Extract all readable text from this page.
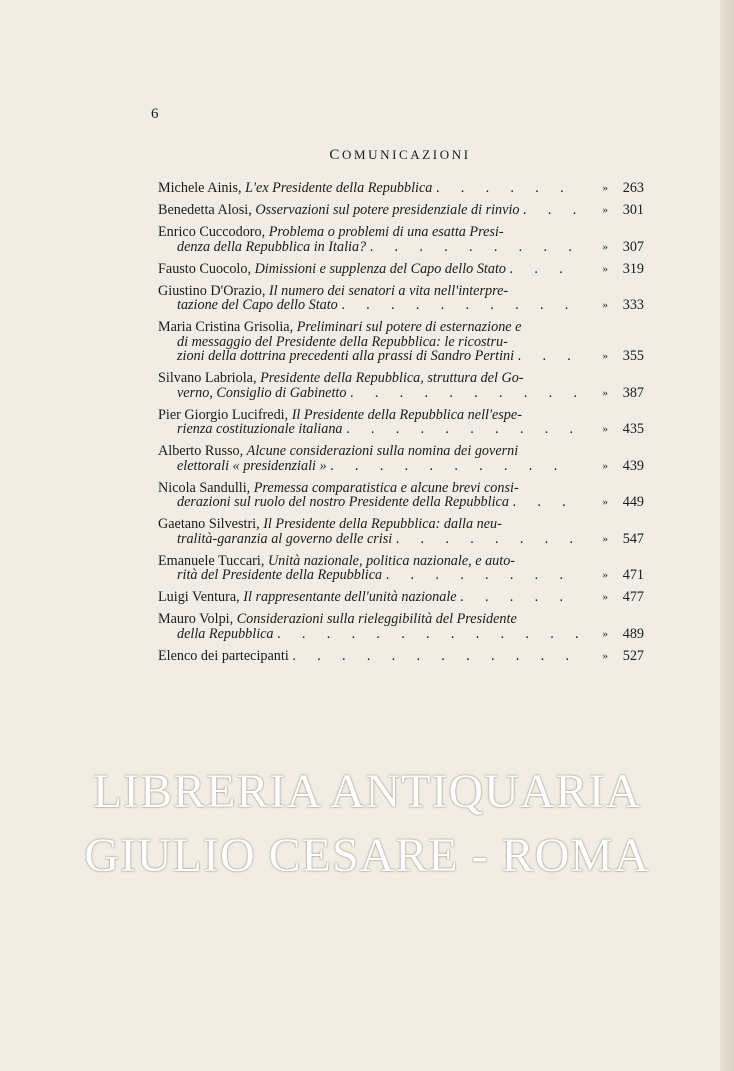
6
COMUNICAZIONI
Michele Ainis, L'ex Presidente della Repubblica .	»	263
Benedetta Alosi, Osservazioni sul potere presidenziale di rinvio .	»	301
Enrico Cuccodoro, Problema o problemi di una esatta Presi-
denza della Repubblica in Italia? .	»	307
Fausto Cuocolo, Dimissioni e supplenza del Capo dello Stato .	»	319
Giustino D'Orazio, Il numero dei senatori a vita nell'interpre-
tazione del Capo dello Stato .	»	333
Maria Cristina Grisolia, Preliminari sul potere di esternazione e
di messaggio del Presidente della Repubblica: le ricostru-
zioni della dottrina precedenti alla prassi di Sandro Pertini .	»	355
Silvano Labriola, Presidente della Repubblica, struttura del Go-
verno, Consiglio di Gabinetto .	»	387
Pier Giorgio Lucifredi, Il Presidente della Repubblica nell'espe-
rienza costituzionale italiana .	»	435
Alberto Russo, Alcune considerazioni sulla nomina dei governi
elettorali « presidenziali » .	»	439
Nicola Sandulli, Premessa comparatistica e alcune brevi consi-
derazioni sul ruolo del nostro Presidente della Repubblica .	»	449
Gaetano Silvestri, Il Presidente della Repubblica: dalla neu-
tralità-garanzia al governo delle crisi .	»	547
Emanuele Tuccari, Unità nazionale, politica nazionale, e auto-
rità del Presidente della Repubblica .	»	471
Luigi Ventura, Il rappresentante dell'unità nazionale .	»	477
Mauro Volpi, Considerazioni sulla rieleggibilità del Presidente
della Repubblica .	»	489
Elenco dei partecipanti .	»	527
LIBRERIA ANTIQUARIA
GIULIO CESARE - ROMA
